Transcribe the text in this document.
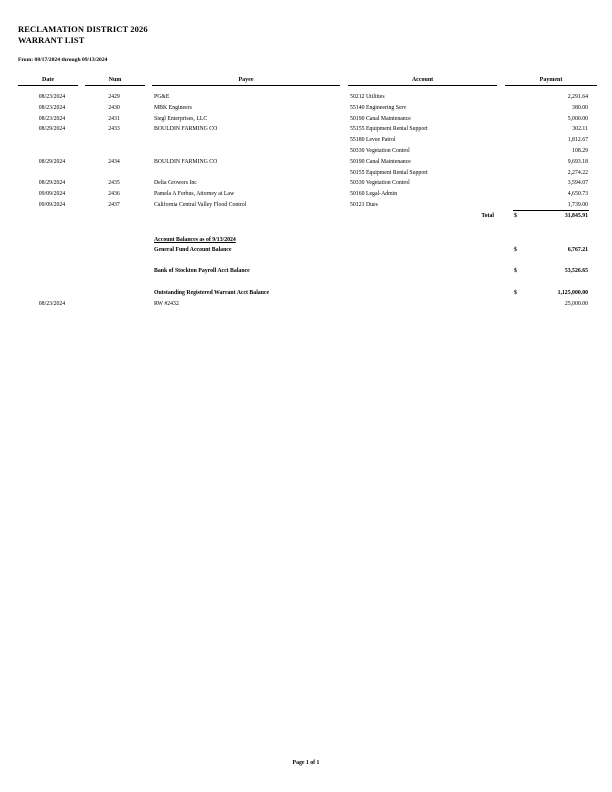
RECLAMATION DISTRICT 2026
WARRANT LIST
From: 08/17/2024 through 09/13/2024
Date	Num	Payee	Account	Payment
08/23/2024	2429	PG&E	50212 Utilities	2,291.64
08/23/2024	2430	MBK Engineers	55140 Engineering Serv	380.00
08/23/2024	2431	Siegl Enterprises, LLC	50190 Canal Maintenance	5,000.00
08/29/2024	2433	BOULDIN FARMING CO	55155 Equipment Rental Support	302.11
55180 Levee Patrol	1,812.67
50330 Vegetation Control	108.29
08/29/2024	2434	BOULDIN FARMING CO	50190 Canal Maintenance	9,693.18
50155 Equipment Rental Support	2,274.22
08/29/2024	2435	Delta Growers Inc	50330 Vegetation Control	3,594.07
09/09/2024	2436	Pamela A Forbus, Attorney at Law	50160 Legal-Admin	4,650.73
09/09/2024	2437	California Central Valley Flood Control	50121 Dues	1,739.00
Total	$	31,845.91
Account Balances as of 9/13/2024
General Fund Account Balance	$	6,767.21
Bank of Stockton Payroll Acct Balance	$	53,526.65
Outstanding Registered Warrant Acct Balance	$	1,125,000.00
08/23/2024	RW #2432	25,000.00
Page 1 of 1
